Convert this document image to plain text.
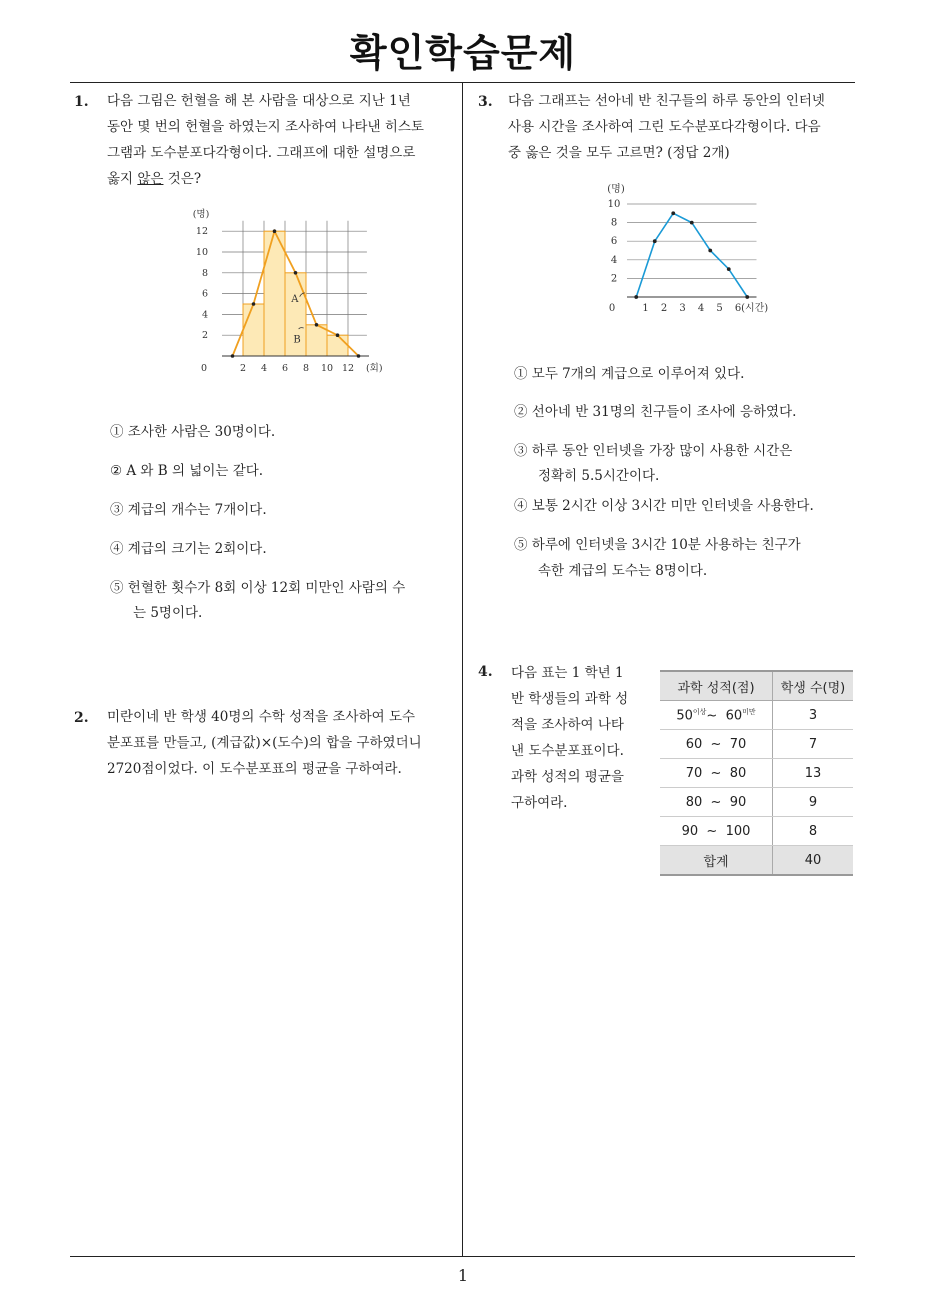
확인학습문제
1
1. 다음 그림은 헌혈을 해 본 사람을 대상으로 지난 1년
동안 몇 번의 헌혈을 하였는지 조사하여 나타낸 히스토
그램과 도수분포다각형이다. 그래프에 대한 설명으로
옳지 않은 것은?
A
B
12
10
8
6
4
2
2 4 6 8 10 12
0
(명)
(회)
① 조사한 사람은 30명이다.
② A 와 B 의 넓이는 같다.
③ 계급의 개수는 7개이다.
④ 계급의 크기는 2회이다.
⑤ 헌혈한 횟수가 8회 이상 12회 미만인 사람의 수
는 5명이다.
2. 미란이네 반 학생 40명의 수학 성적을 조사하여 도수
분포표를 만들고, (계급값)×(도수)의 합을 구하였더니
2720점이었다. 이 도수분포표의 평균을 구하여라.
3. 다음 그래프는 선아네 반 친구들의 하루 동안의 인터넷
사용 시간을 조사하여 그린 도수분포다각형이다. 다음
중 옳은 것을 모두 고르면? (정답 2개)
10
8
6
4
2
1 2 3 4 5 6
0
(명)
(시간)
① 모두 7개의 계급으로 이루어져 있다.
② 선아네 반 31명의 친구들이 조사에 응하였다.
③ 하루 동안 인터넷을 가장 많이 사용한 시간은
정확히 5.5시간이다.
④ 보통 2시간 이상 3시간 미만 인터넷을 사용한다.
⑤ 하루에 인터넷을 3시간 10분 사용하는 친구가
속한 계급의 도수는 8명이다.
4. 다음 표는 1 학년 1
반 학생들의 과학 성
적을 조사하여 나타
낸 도수분포표이다.
과학 성적의 평균을
구하여라.
과학 성적(점)	학생 수(명)
$50^{이상}\sim$ $60^{미만}$	3
60  ~  70	7
70  ~  80	13
80  ~  90	9
90  ~  100	8
합계	40
